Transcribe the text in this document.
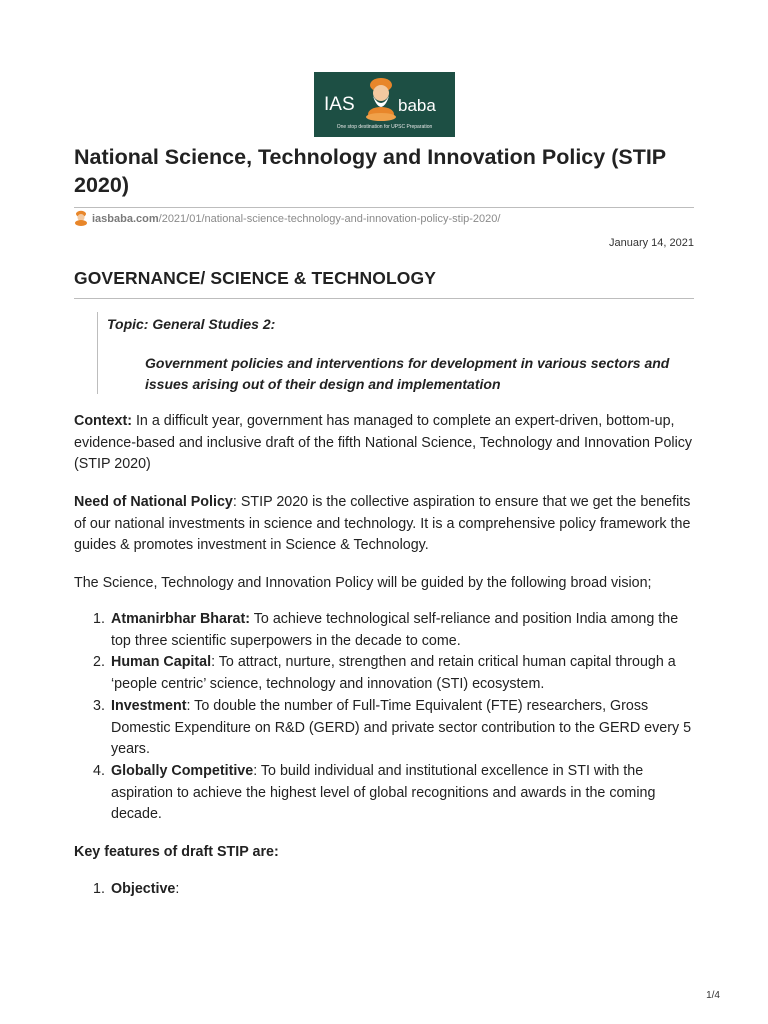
IAS	baba
One stop destination for UPSC Preparation
National Science, Technology and Innovation Policy (STIP 2020)
iasbaba.com/2021/01/national-science-technology-and-innovation-policy-stip-2020/
January 14, 2021
GOVERNANCE/ SCIENCE & TECHNOLOGY
Topic: General Studies 2:
Government policies and interventions for development in various sectors and issues arising out of their design and implementation

Context: In a difficult year, government has managed to complete an expert-driven, bottom-up, evidence-based and inclusive draft of the fifth National Science, Technology and Innovation Policy (STIP 2020)

Need of National Policy: STIP 2020 is the collective aspiration to ensure that we get the benefits of our national investments in science and technology. It is a comprehensive policy framework the guides & promotes investment in Science & Technology.

The Science, Technology and Innovation Policy will be guided by the following broad vision;

1. Atmanirbhar Bharat: To achieve technological self-reliance and position India among the top three scientific superpowers in the decade to come.
2. Human Capital: To attract, nurture, strengthen and retain critical human capital through a ‘people centric’ science, technology and innovation (STI) ecosystem.
3. Investment: To double the number of Full-Time Equivalent (FTE) researchers, Gross Domestic Expenditure on R&D (GERD) and private sector contribution to the GERD every 5 years.
4. Globally Competitive: To build individual and institutional excellence in STI with the aspiration to achieve the highest level of global recognitions and awards in the coming decade.

Key features of draft STIP are:

1. Objective:
1/4
